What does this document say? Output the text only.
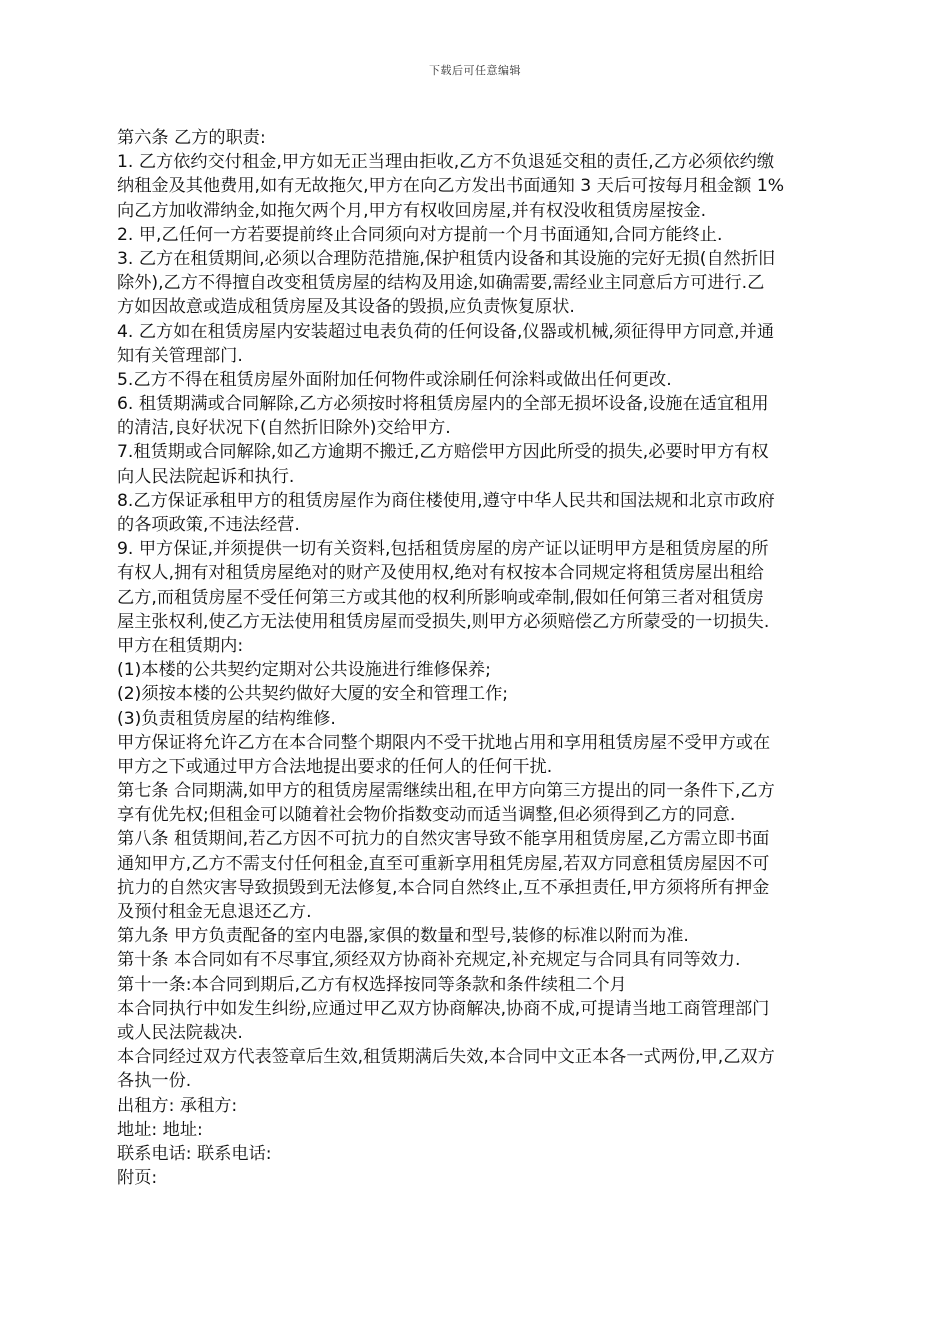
下载后可任意编辑
第六条 乙方的职责:
1. 乙方依约交付租金,甲方如无正当理由拒收,乙方不负退延交租的责任,乙方必须依约缴
纳租金及其他费用,如有无故拖欠,甲方在向乙方发出书面通知 3 天后可按每月租金额 1%
向乙方加收滞纳金,如拖欠两个月,甲方有权收回房屋,并有权没收租赁房屋按金.
2. 甲,乙任何一方若要提前终止合同须向对方提前一个月书面通知,合同方能终止.
3. 乙方在租赁期间,必须以合理防范措施,保护租赁内设备和其设施的完好无损(自然折旧
除外),乙方不得擅自改变租赁房屋的结构及用途,如确需要,需经业主同意后方可进行.乙
方如因故意或造成租赁房屋及其设备的毁损,应负责恢复原状.
4. 乙方如在租赁房屋内安装超过电表负荷的任何设备,仪器或机械,须征得甲方同意,并通
知有关管理部门.
5.乙方不得在租赁房屋外面附加任何物件或涂刷任何涂料或做出任何更改.
6. 租赁期满或合同解除,乙方必须按时将租赁房屋内的全部无损坏设备,设施在适宜租用
的清洁,良好状况下(自然折旧除外)交给甲方.
7.租赁期或合同解除,如乙方逾期不搬迁,乙方赔偿甲方因此所受的损失,必要时甲方有权
向人民法院起诉和执行.
8.乙方保证承租甲方的租赁房屋作为商住楼使用,遵守中华人民共和国法规和北京市政府
的各项政策,不违法经营.
9. 甲方保证,并须提供一切有关资料,包括租赁房屋的房产证以证明甲方是租赁房屋的所
有权人,拥有对租赁房屋绝对的财产及使用权,绝对有权按本合同规定将租赁房屋出租给
乙方,而租赁房屋不受任何第三方或其他的权利所影响或牵制,假如任何第三者对租赁房
屋主张权利,使乙方无法使用租赁房屋而受损失,则甲方必须赔偿乙方所蒙受的一切损失.
甲方在租赁期内:
(1)本楼的公共契约定期对公共设施进行维修保养;
(2)须按本楼的公共契约做好大厦的安全和管理工作;
(3)负责租赁房屋的结构维修.
甲方保证将允许乙方在本合同整个期限内不受干扰地占用和享用租赁房屋不受甲方或在
甲方之下或通过甲方合法地提出要求的任何人的任何干扰.
第七条 合同期满,如甲方的租赁房屋需继续出租,在甲方向第三方提出的同一条件下,乙方
享有优先权;但租金可以随着社会物价指数变动而适当调整,但必须得到乙方的同意.
第八条 租赁期间,若乙方因不可抗力的自然灾害导致不能享用租赁房屋,乙方需立即书面
通知甲方,乙方不需支付任何租金,直至可重新享用租凭房屋,若双方同意租赁房屋因不可
抗力的自然灾害导致损毁到无法修复,本合同自然终止,互不承担责任,甲方须将所有押金
及预付租金无息退还乙方.
第九条 甲方负责配备的室内电器,家俱的数量和型号,装修的标准以附而为准.
第十条 本合同如有不尽事宜,须经双方协商补充规定,补充规定与合同具有同等效力.
第十一条:本合同到期后,乙方有权选择按同等条款和条件续租二个月
本合同执行中如发生纠纷,应通过甲乙双方协商解决,协商不成,可提请当地工商管理部门
或人民法院裁决.
本合同经过双方代表签章后生效,租赁期满后失效,本合同中文正本各一式两份,甲,乙双方
各执一份.
出租方: 承租方:
地址: 地址:
联系电话: 联系电话:
附页:
